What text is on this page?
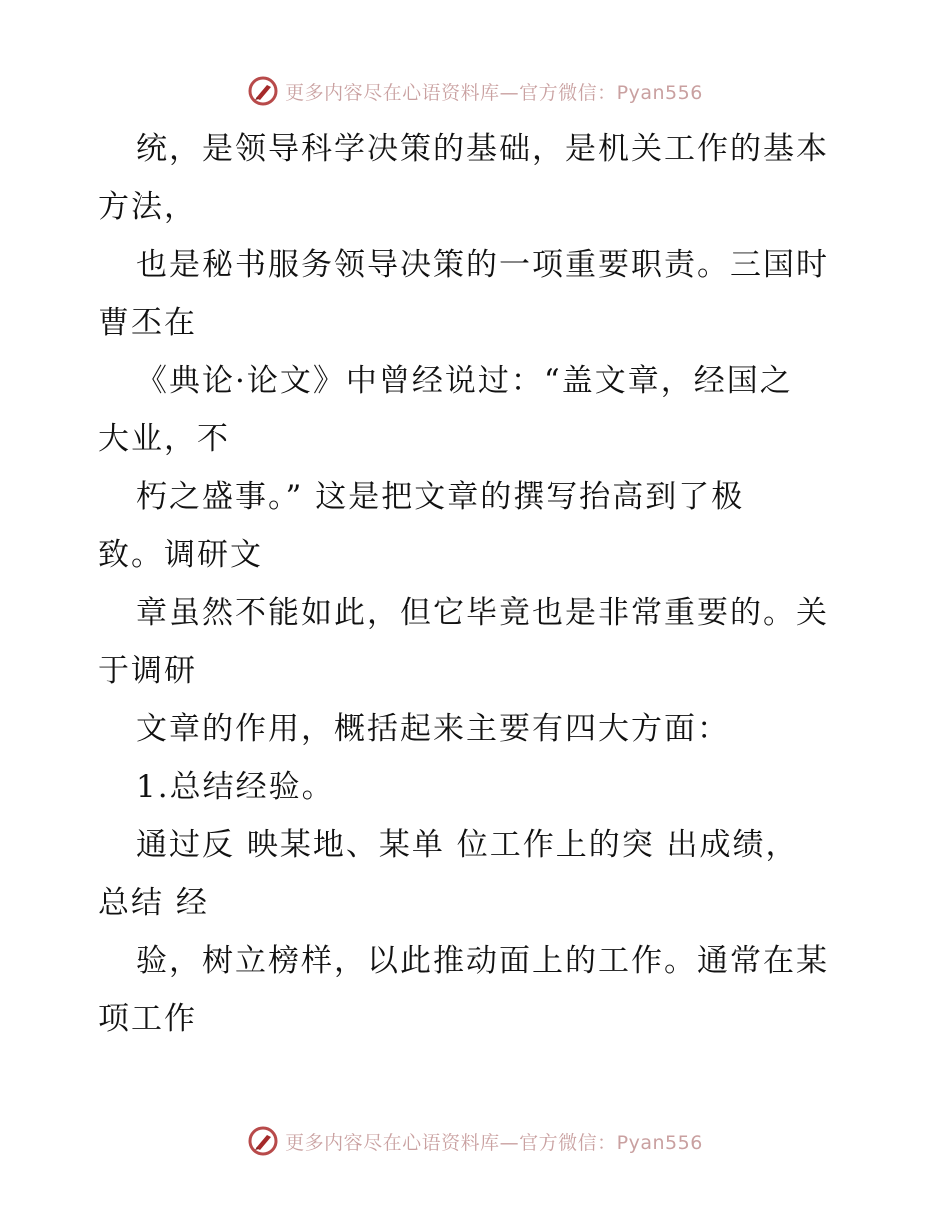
更多内容尽在心语资料库—官方微信：Pyan556
统，是领导科学决策的基础，是机关工作的基本
方法，
也是秘书服务领导决策的一项重要职责。三国时
曹丕在
《典论·论文》中曾经说过：“盖文章，经国之
大业，不
朽之盛事。” 这是把文章的撰写抬高到了极
致。调研文
章虽然不能如此，但它毕竟也是非常重要的。关
于调研
文章的作用，概括起来主要有四大方面：
1.总结经验。
通过反 映某地、某单 位工作上的突 出成绩，
总结 经
验，树立榜样，以此推动面上的工作。通常在某
项工作
更多内容尽在心语资料库—官方微信：Pyan556
